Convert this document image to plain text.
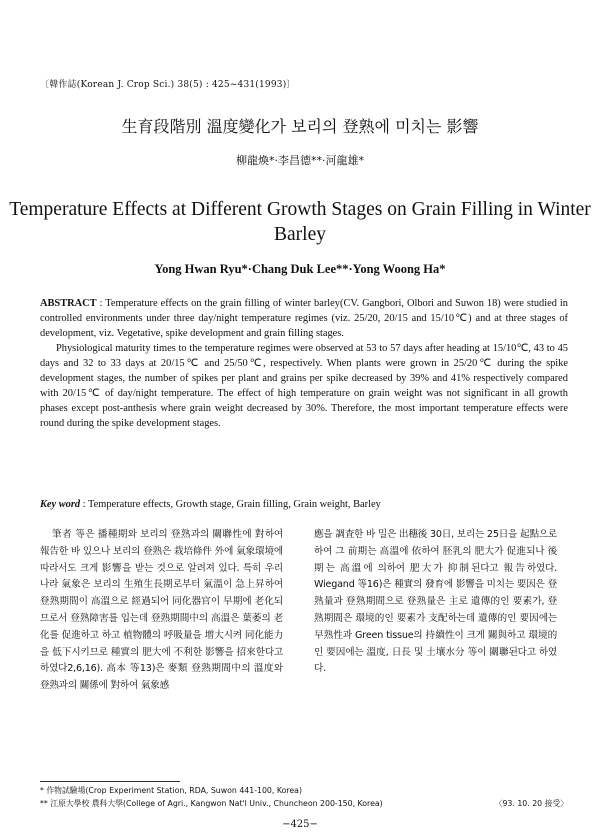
〔韓作誌(Korean J. Crop Sci.) 38(5) : 425~431(1993)〕
生育段階別 溫度變化가 보리의 登熟에 미치는 影響
柳龍煥*·李昌德**·河龍雄*
Temperature Effects at Different Growth Stages on Grain Filling in Winter Barley
Yong Hwan Ryu*·Chang Duk Lee**·Yong Woong Ha*

ABSTRACT : Temperature effects on the grain filling of winter barley(CV. Gangbori, Olbori and Suwon 18) were studied in controlled environments under three day/night temperature regimes (viz. 25/20, 20/15 and 15/10℃) and at three stages of development, viz. Vegetative, spike development and grain filling stages.

Physiological maturity times to the temperature regimes were observed at 53 to 57 days after heading at 15/10℃, 43 to 45 days and 32 to 33 days at 20/15℃ and 25/50℃, respectively. When plants were grown in 25/20℃ during the spike development stages, the number of spikes per plant and grains per spike decreased by 39% and 41% respectively compared with 20/15℃ of day/night temperature. The effect of high temperature on grain weight was not significant in all growth phases except post-anthesis where grain weight decreased by 30%. Therefore, the most important temperature effects were round during the spike development stages.

Key word : Temperature effects, Growth stage, Grain filling, Grain weight, Barley
筆者 等은 播種期와 보리의 登熟과의 關聯性에 對하여 報告한 바 있으나 보리의 登熟은 栽培條件 外에 氣象環境에 따라서도 크게 影響을 받는 것으로 알려져 있다. 특히 우리나라 氣象은 보리의 生殖生長期로부터 氣溫이 急上昇하여 登熟期間이 高溫으로 經過되어 同化器官이 早期에 老化되므로서 登熟障害를 입는데 登熟期間中의 高溫은 葉萎의 老化를 促進하고 하고 植物體의 呼吸量을 增大시켜 同化能力을 低下시키므로 種實의 肥大에 不利한 影響을 招來한다고 하였다2,6,16). 高本 等13)은 麥類 登熟期間中의 溫度와 登熟과의 關係에 對하여 氣象感
應을 調査한 바 밀은 出穗後 30日, 보리는 25日을 起點으로 하여 그 前期는 高溫에 依하여 胚乳의 肥大가 促進되나 後期는 高溫에 의하여 肥大가 抑制된다고 報告하였다. Wiegand 等16)은 種實의 發育에 影響을 미치는 要因은 登熟量과 登熟期間으로 登熟量은 主로 遺傳的인 要素가, 登熟期間은 環境的인 要素가 支配하는데 遺傳的인 要因에는 早熟性과 Green tissue의 持續性이 크게 關與하고 環境的인 要因에는 溫度, 日長 및 土壤水分 等이 關聯된다고 하였다.
* 作物試驗場(Crop Experiment Station, RDA, Suwon 441-100, Korea)
** 江原大學校 農科大學(College of Agri., Kangwon Nat'l Univ., Chuncheon 200-150, Korea)	〈93. 10. 20 接受〉
−425−
